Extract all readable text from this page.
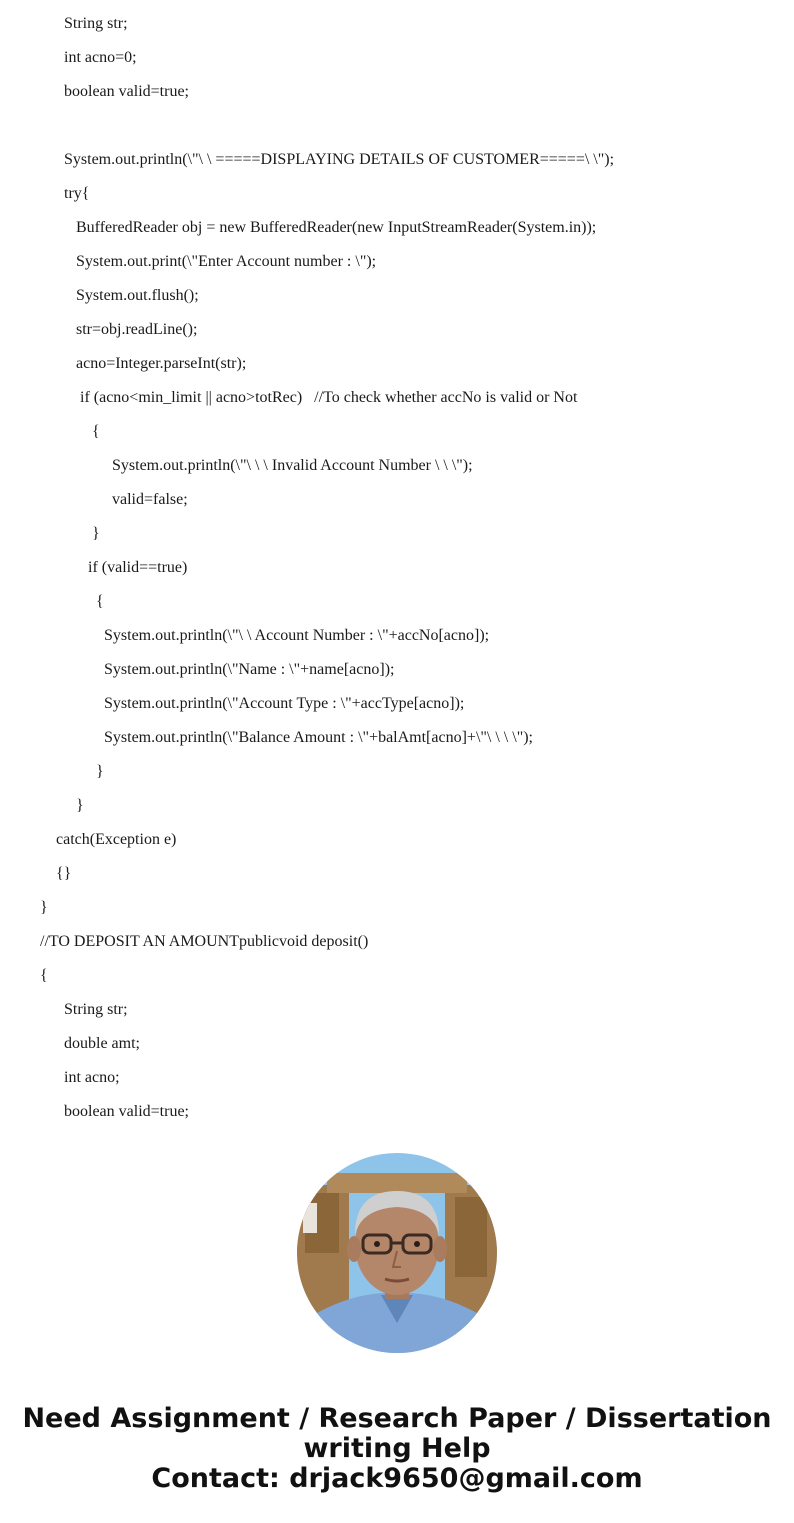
String str;
int acno=0;
boolean valid=true;
System.out.println(\"\ \ =====DISPLAYING DETAILS OF CUSTOMER=====\ \");
try{
BufferedReader obj = new BufferedReader(new InputStreamReader(System.in));
System.out.print(\"Enter Account number : \");
System.out.flush();
str=obj.readLine();
acno=Integer.parseInt(str);
if (acno<min_limit || acno>totRec)   //To check whether accNo is valid or Not
{
System.out.println(\"\ \ \ Invalid Account Number \ \ \");
valid=false;
}
if (valid==true)
{
System.out.println(\"\ \ Account Number : \"+accNo[acno]);
System.out.println(\"Name : \"+name[acno]);
System.out.println(\"Account Type : \"+accType[acno]);
System.out.println(\"Balance Amount : \"+balAmt[acno]+\"\ \ \ \");
}
}
catch(Exception e)
{}
}
//TO DEPOSIT AN AMOUNTpublicvoid deposit()
{
String str;
double amt;
int acno;
boolean valid=true;
Need Assignment / Research Paper / Dissertation
writing Help
Contact: drjack9650@gmail.com
